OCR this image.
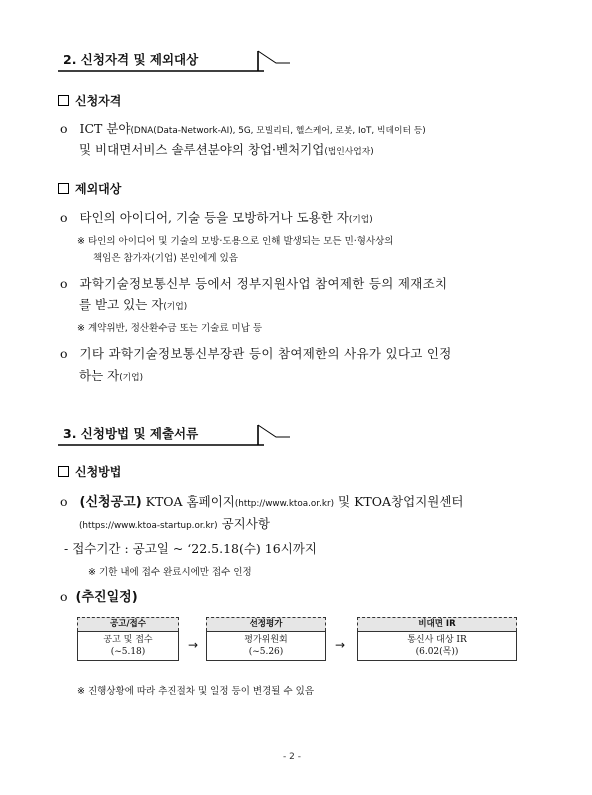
2. 신청자격 및 제외대상
신청자격
o ICT 분야(DNA(Data-Network-AI), 5G, 모빌리티, 헬스케어, 로봇, IoT, 빅데이터 등)
및 비대면서비스 솔루션분야의 창업·벤처기업(법인사업자)
제외대상
o 타인의 아이디어, 기술 등을 모방하거나 도용한 자(기업)
※ 타인의 아이디어 및 기술의 모방·도용으로 인해 발생되는 모든 민·형사상의
책임은 참가자(기업) 본인에게 있음
o 과학기술정보통신부 등에서 정부지원사업 참여제한 등의 제재조치
를 받고 있는 자(기업)
※ 계약위반, 정산환수금 또는 기술료 미납 등
o 기타 과학기술정보통신부장관 등이 참여제한의 사유가 있다고 인정
하는 자(기업)
3. 신청방법 및 제출서류
신청방법
o (신청공고) KTOA 홈페이지(http://www.ktoa.or.kr) 및 KTOA창업지원센터
(https://www.ktoa-startup.or.kr) 공지사항
- 접수기간 : 공고일 ~ ‘22.5.18(수) 16시까지
※ 기한 내에 접수 완료시에만 접수 인정
o (추진일정)
공고/접수
공고 및 접수
(~5.18)	→
선정평가
평가위원회
(~5.26)	→
비대면 IR
통신사 대상 IR
(6.02(목))
※ 진행상황에 따라 추진절차 및 일정 등이 변경될 수 있음
- 2 -
